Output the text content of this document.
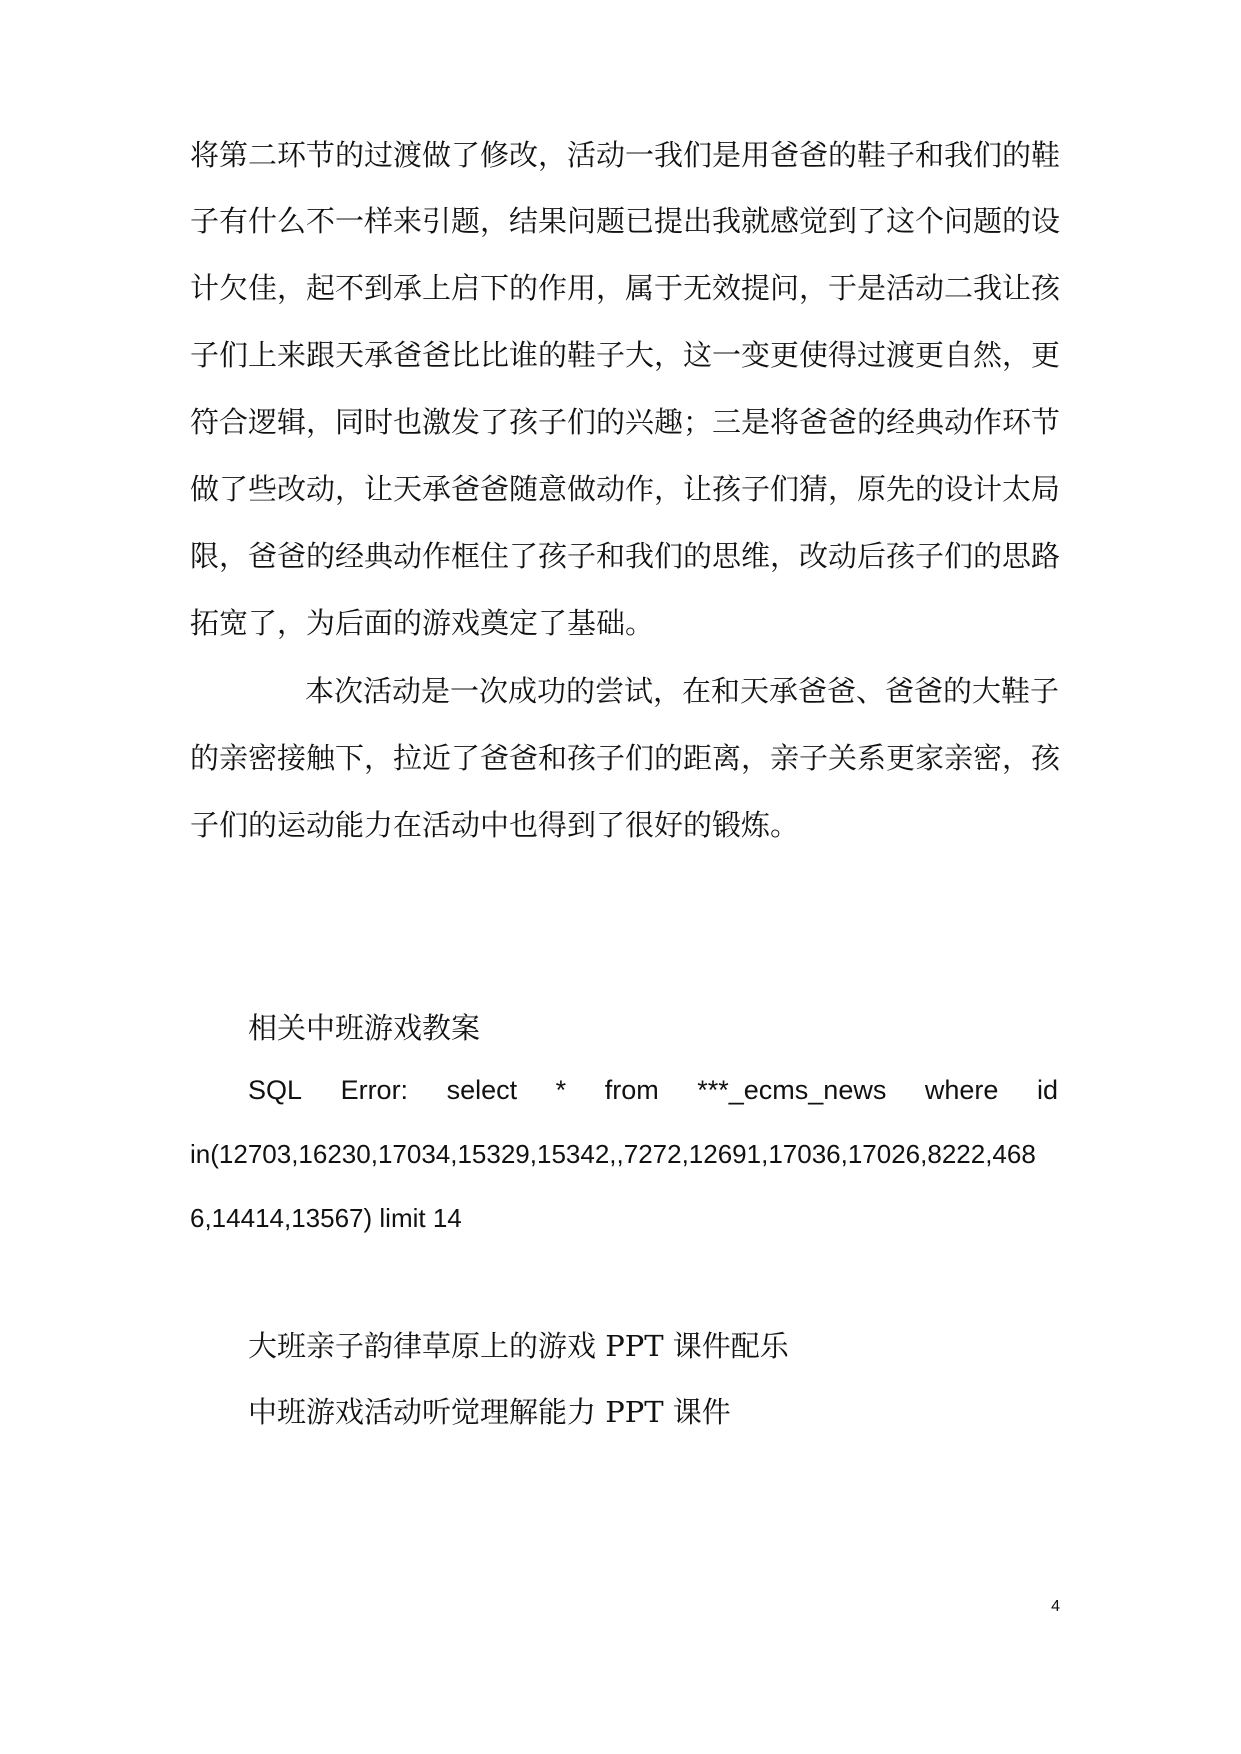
将第二环节的过渡做了修改，活动一我们是用爸爸的鞋子和我们的鞋
子有什么不一样来引题，结果问题已提出我就感觉到了这个问题的设
计欠佳，起不到承上启下的作用，属于无效提问，于是活动二我让孩
子们上来跟天承爸爸比比谁的鞋子大，这一变更使得过渡更自然，更
符合逻辑，同时也激发了孩子们的兴趣；三是将爸爸的经典动作环节
做了些改动，让天承爸爸随意做动作，让孩子们猜，原先的设计太局
限，爸爸的经典动作框住了孩子和我们的思维，改动后孩子们的思路
拓宽了，为后面的游戏奠定了基础。
本次活动是一次成功的尝试，在和天承爸爸、爸爸的大鞋子
的亲密接触下，拉近了爸爸和孩子们的距离，亲子关系更家亲密，孩
子们的运动能力在活动中也得到了很好的锻炼。
相关中班游戏教案
SQL Error: select * from ***_ecms_news where id
in(12703,16230,17034,15329,15342,,7272,12691,17036,17026,8222,468
6,14414,13567) limit 14
大班亲子韵律草原上的游戏 PPT 课件配乐
中班游戏活动听觉理解能力 PPT 课件
4
